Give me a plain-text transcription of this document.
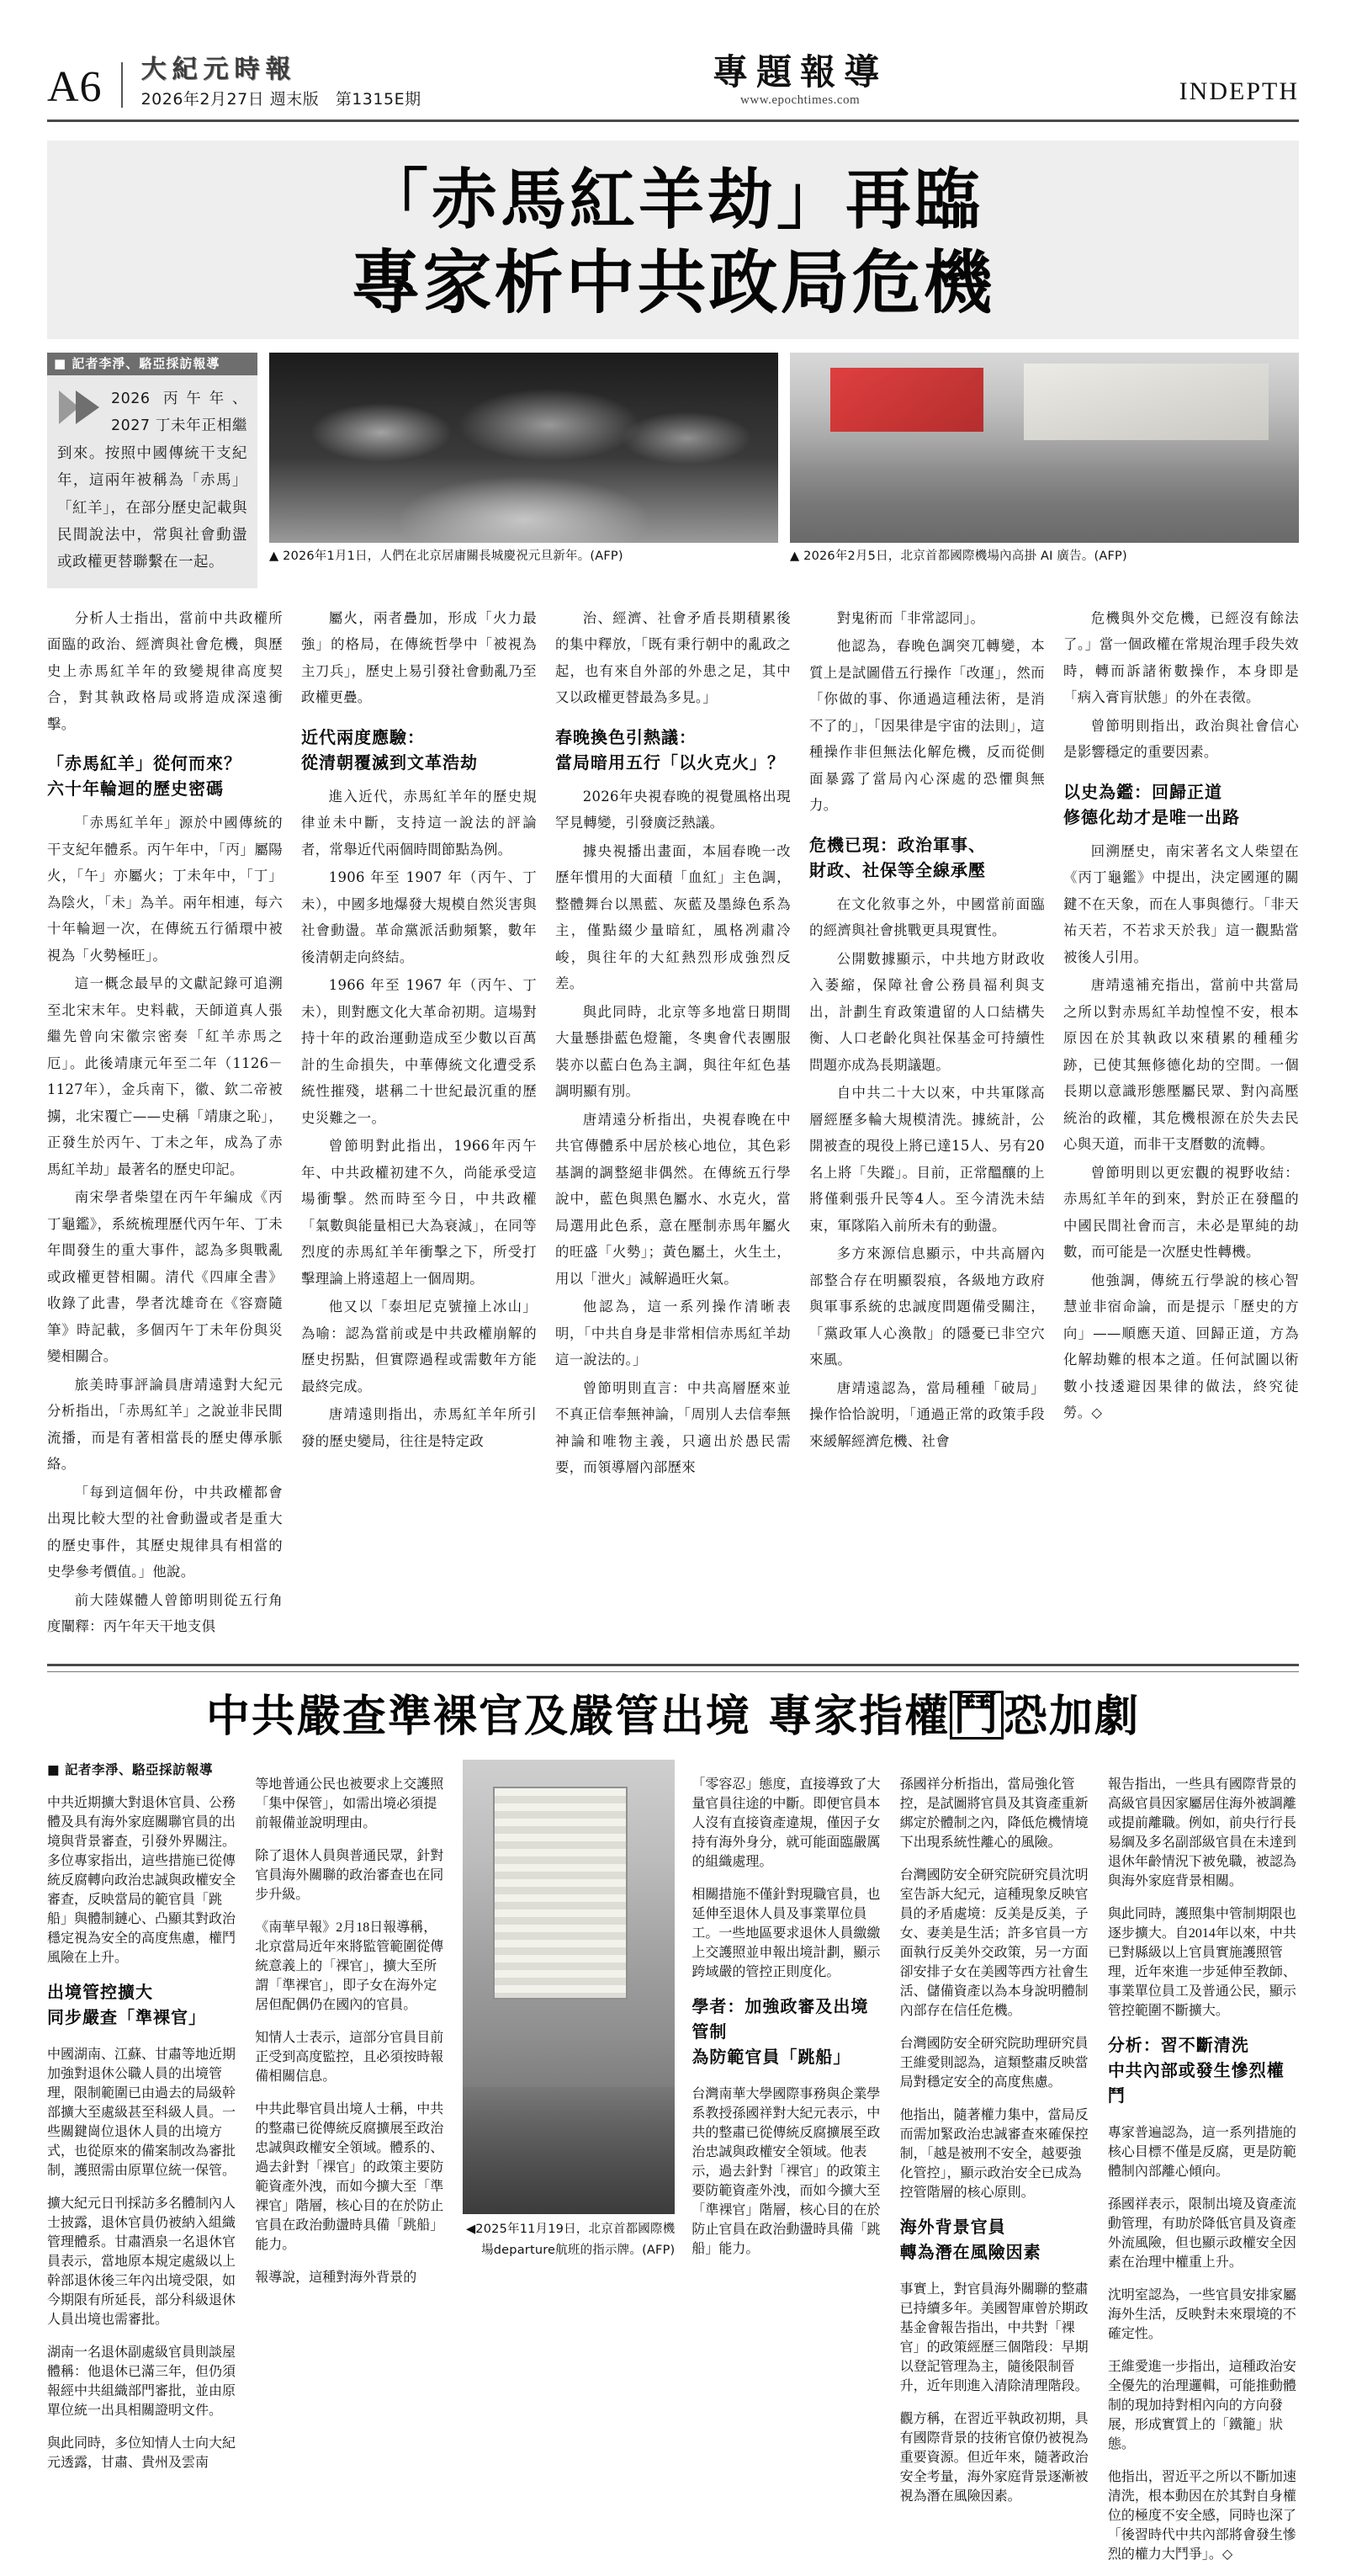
A6	大紀元時報
2026年2月27日 週末版　第1315E期
專題報導
www.epochtimes.com	INDEPTH
「赤馬紅羊劫」再臨
專家析中共政局危機
■ 記者李淨、駱亞採訪報導
2026 丙午年、2027 丁未年正相繼到來。按照中國傳統干支紀年，這兩年被稱為「赤馬」「紅羊」，在部分歷史記載與民間說法中，常與社會動盪或政權更替聯繫在一起。	▲ 2026年1月1日，人們在北京居庸關長城慶祝元旦新年。(AFP)	▲ 2026年2月5日，北京首都國際機場內高掛 AI 廣告。(AFP)

分析人士指出，當前中共政權所面臨的政治、經濟與社會危機，與歷史上赤馬紅羊年的致變規律高度契合，對其執政格局或將造成深遠衝擊。

「赤馬紅羊」從何而來？
六十年輪迴的歷史密碼

「赤馬紅羊年」源於中國傳統的干支紀年體系。丙午年中，「丙」屬陽火，「午」亦屬火；丁未年中，「丁」為陰火，「未」為羊。兩年相連，每六十年輪迴一次，在傳統五行循環中被視為「火勢極旺」。

這一概念最早的文獻記錄可追溯至北宋末年。史料載，天師道真人張繼先曾向宋徽宗密奏「紅羊赤馬之厄」。此後靖康元年至二年（1126－1127年），金兵南下，徽、欽二帝被擄，北宋覆亡——史稱「靖康之恥」，正發生於丙午、丁未之年，成為了赤馬紅羊劫」最著名的歷史印記。

南宋學者柴望在丙午年編成《丙丁龜鑑》，系統梳理歷代丙午年、丁未年間發生的重大事件，認為多與戰亂或政權更替相關。清代《四庫全書》收錄了此書，學者沈雄奇在《容齋隨筆》時記載，多個丙午丁未年份與災變相關合。

旅美時事評論員唐靖遠對大紀元分析指出，「赤馬紅羊」之說並非民間流播，而是有著相當長的歷史傳承脈絡。

「每到這個年份，中共政權都會出現比較大型的社會動盪或者是重大的歷史事件，其歷史規律具有相當的史學參考價值。」他說。

前大陸媒體人曾節明則從五行角度闡釋：丙午年天干地支俱

屬火，兩者疊加，形成「火力最強」的格局，在傳統哲學中「被視為主刀兵」，歷史上易引發社會動亂乃至政權更疊。

近代兩度應驗：
從清朝覆滅到文革浩劫

進入近代，赤馬紅羊年的歷史規律並未中斷，支持這一說法的評論者，常舉近代兩個時間節點為例。

1906 年至 1907 年（丙午、丁未），中國多地爆發大規模自然災害與社會動盪。革命黨派活動頻繁，數年後清朝走向終結。

1966 年至 1967 年（丙午、丁未），則對應文化大革命初期。這場對持十年的政治運動造成至少數以百萬計的生命損失，中華傳統文化遭受系統性摧殘，堪稱二十世紀最沉重的歷史災難之一。

曾節明對此指出，1966年丙午年、中共政權初建不久，尚能承受這場衝擊。然而時至今日，中共政權「氣數與能量相已大為衰減」，在同等烈度的赤馬紅羊年衝擊之下，所受打擊理論上將遠超上一個周期。

他又以「泰坦尼克號撞上冰山」為喻：認為當前或是中共政權崩解的歷史拐點，但實際過程或需數年方能最終完成。

唐靖遠則指出，赤馬紅羊年所引發的歷史變局，往往是特定政

治、經濟、社會矛盾長期積累後的集中釋放，「既有秉行朝中的亂政之起，也有來自外部的外患之足，其中又以政權更替最為多見。」

春晚換色引熱議：
當局暗用五行「以火克火」？

2026年央視春晚的視覺風格出現罕見轉變，引發廣泛熱議。

據央視播出畫面，本屆春晚一改歷年慣用的大面積「血紅」主色調，整體舞台以黑藍、灰藍及墨綠色系為主，僅點綴少量暗紅，風格冽肅冷峻，與往年的大紅熱烈形成強烈反差。

與此同時，北京等多地當日期間大量懸掛藍色燈籠，冬奧會代表團服裝亦以藍白色為主調，與往年紅色基調明顯有別。

唐靖遠分析指出，央視春晚在中共官傳體系中居於核心地位，其色彩基調的調整絕非偶然。在傳統五行學說中，藍色與黑色屬水、水克火，當局選用此色系，意在壓制赤馬年屬火的旺盛「火勢」；黃色屬土，火生土，用以「泄火」減解過旺火氣。

他認為，這一系列操作清晰表明，「中共自身是非常相信赤馬紅羊劫這一說法的。」

曾節明則直言：中共高層歷來並不真正信奉無神論，「周別人去信奉無神論和唯物主義，只適出於愚民需要，而領導層內部歷來

對鬼術而「非常認同」。

他認為，春晚色調突兀轉變，本質上是試圖借五行操作「改運」，然而「你做的事、你通過這種法術，是消不了的」，「因果律是宇宙的法則」，這種操作非但無法化解危機，反而從側面暴露了當局內心深處的恐懼與無力。

危機已現：政治軍事、
財政、社保等全線承壓

在文化敘事之外，中國當前面臨的經濟與社會挑戰更具現實性。

公開數據顯示，中共地方財政收入萎縮，保障社會公務員福利與支出，計劃生育政策遺留的人口結構失衡、人口老齡化與社保基金可持續性問題亦成為長期議題。

自中共二十大以來，中共軍隊高層經歷多輪大規模清洗。據統計，公開被查的現役上將已達15人、另有20名上將「失蹤」。目前，正常醞釀的上將僅剩張升民等4人。至今清洗未結束，軍隊陷入前所未有的動盪。

多方來源信息顯示，中共高層內部整合存在明顯裂痕，各級地方政府與軍事系統的忠誠度問題備受關注，「黨政軍人心渙散」的隱憂已非空穴來風。

唐靖遠認為，當局種種「破局」操作恰恰說明，「通過正常的政策手段來緩解經濟危機、社會

危機與外交危機，已經沒有餘法了。」當一個政權在常規治理手段失效時，轉而訴諸術數操作，本身即是「病入膏肓狀態」的外在表徵。

曾節明則指出，政治與社會信心是影響穩定的重要因素。

以史為鑑：回歸正道
修德化劫才是唯一出路

回溯歷史，南宋著名文人柴望在《丙丁龜鑑》中提出，決定國運的關鍵不在天象，而在人事與德行。「非天祐天若，不若求天於我」這一觀點當被後人引用。

唐靖遠補充指出，當前中共當局之所以對赤馬紅羊劫惶惶不安，根本原因在於其執政以來積累的種種劣跡，已使其無修德化劫的空間。一個長期以意識形態壓屬民眾、對內高壓統治的政權，其危機根源在於失去民心與天道，而非干支曆數的流轉。

曾節明則以更宏觀的視野收結：赤馬紅羊年的到來，對於正在發醞的中國民間社會而言，未必是單純的劫數，而可能是一次歷史性轉機。

他強調，傳統五行學說的核心智慧並非宿命論，而是提示「歷史的方向」——順應天道、回歸正道，方為化解劫難的根本之道。任何試圖以術數小技逶避因果律的做法，終究徒勞。◇

中共嚴查準裸官及嚴管出境 專家指權鬥恐加劇
■ 記者李淨、駱亞採訪報導

中共近期擴大對退休官員、公務體及具有海外家庭關聯官員的出境與背景審查，引發外界關注。多位專家指出，這些措施已從傳統反腐轉向政治忠誠與政權安全審查，反映當局的範官員「跳船」與體制鏈心、凸顯其對政治穩定視為安全的高度焦慮，權鬥風險在上升。

出境管控擴大
同步嚴查「準裸官」

中國湖南、江蘇、甘肅等地近期加強對退休公職人員的出境管理，限制範圍已由過去的局級幹部擴大至處級甚至科級人員。一些關鍵崗位退休人員的出境方式，也從原來的備案制改為審批制，護照需由原單位統一保管。

擴大紀元日刊採訪多名體制內人士披露，退休官員仍被納入組織管理體系。甘肅酒泉一名退休官員表示，當地原本規定處級以上幹部退休後三年內出境受限，如今期限有所延長，部分科級退休人員出境也需審批。

湖南一名退休副處級官員則談屋體稱：他退休已滿三年，但仍須報經中共組織部門審批，並由原單位統一出具相關證明文件。

與此同時，多位知情人士向大紀元透露，甘肅、貴州及雲南

等地普通公民也被要求上交護照「集中保管」，如需出境必須提前報備並說明理由。

除了退休人員與普通民眾，針對官員海外關聯的政治審查也在同步升級。

《南華早報》2月18日報導稱，北京當局近年來將監管範圍從傳統意義上的「裸官」，擴大至所謂「準裸官」，即子女在海外定居但配偶仍在國內的官員。

知情人士表示，這部分官員目前正受到高度監控，且必須按時報備相關信息。

中共此舉官員出境人士稱，中共的整肅已從傳統反腐擴展至政治忠誠與政權安全領域。體系的、過去針對「裸官」的政策主要防範資產外洩，而如今擴大至「準裸官」階層，核心目的在於防止官員在政治動盪時具備「跳船」能力。

報導說，這種對海外背景的

◀2025年11月19日，北京首都國際機場departure航班的指示牌。(AFP)

「零容忍」態度，直接導致了大量官員往途的中斷。即便官員本人沒有直接資產違規，僅因子女持有海外身分，就可能面臨嚴厲的組織處理。

相關措施不僅針對現職官員，也延伸至退休人員及事業單位員工。一些地區要求退休人員繳繳上交護照並申報出境計劃，顯示跨域嚴的管控正則度化。

學者：加強政審及出境管制
為防範官員「跳船」

台灣南華大學國際事務與企業學系教授孫國祥對大紀元表示，中共的整肅已從傳統反腐擴展至政治忠誠與政權安全領域。他表示，過去針對「裸官」的政策主要防範資產外洩，而如今擴大至「準裸官」階層，核心目的在於防止官員在政治動盪時具備「跳船」能力。

孫國祥分析指出，當局強化管控，是試圖將官員及其資產重新綁定於體制之內，降低危機情境下出現系統性離心的風險。

台灣國防安全研究院研究員沈明室告訴大紀元，這種現象反映官員的矛盾處境：反美是反美，子女、妻美是生活；許多官員一方面執行反美外交政策，另一方面卻安排子女在美國等西方社會生活、儲備資產以為本身說明體制內部存在信任危機。

台灣國防安全研究院助理研究員王維愛則認為，這類整肅反映當局對穩定安全的高度焦慮。

他指出，隨著權力集中，當局反而需加緊政治忠誠審查來確保控制，「越是被刑不安全，越要強化管控」，顯示政治安全已成為控管階層的核心原則。

海外背景官員
轉為潛在風險因素

事實上，對官員海外關聯的整肅已持續多年。美國智庫曾於期政基金會報告指出，中共對「裸官」的政策經歷三個階段：早期以登記管理為主，隨後限制晉升，近年則進入清除清理階段。

觀方稱，在習近平執政初期，具有國際背景的技術官僚仍被視為重要資源。但近年來，隨著政治安全考量，海外家庭背景逐漸被視為潛在風險因素。

報告指出，一些具有國際背景的高級官員因家屬居住海外被調離或提前離職。例如，前央行行長易綱及多名副部級官員在未達到退休年齡情況下被免職，被認為與海外家庭背景相關。

與此同時，護照集中管制期限也逐步擴大。自2014年以來，中共已對縣級以上官員實施護照管理，近年來進一步延伸至教師、事業單位員工及普通公民，顯示管控範圍不斷擴大。

分析：習不斷清洗
中共內部或發生慘烈權鬥

專家普遍認為，這一系列措施的核心目標不僅是反腐，更是防範體制內部離心傾向。

孫國祥表示，限制出境及資產流動管理，有助於降低官員及資產外流風險，但也顯示政權安全因素在治理中權重上升。

沈明室認為，一些官員安排家屬海外生活，反映對未來環境的不確定性。

王維愛進一步指出，這種政治安全優先的治理邏輯，可能推動體制的現加持對相內向的方向發展，形成實質上的「鐵籠」狀態。

他指出，習近平之所以不斷加速清洗，根本動因在於其對自身權位的極度不安全感，同時也深了「後習時代中共內部將會發生慘烈的權力大鬥爭」。◇
